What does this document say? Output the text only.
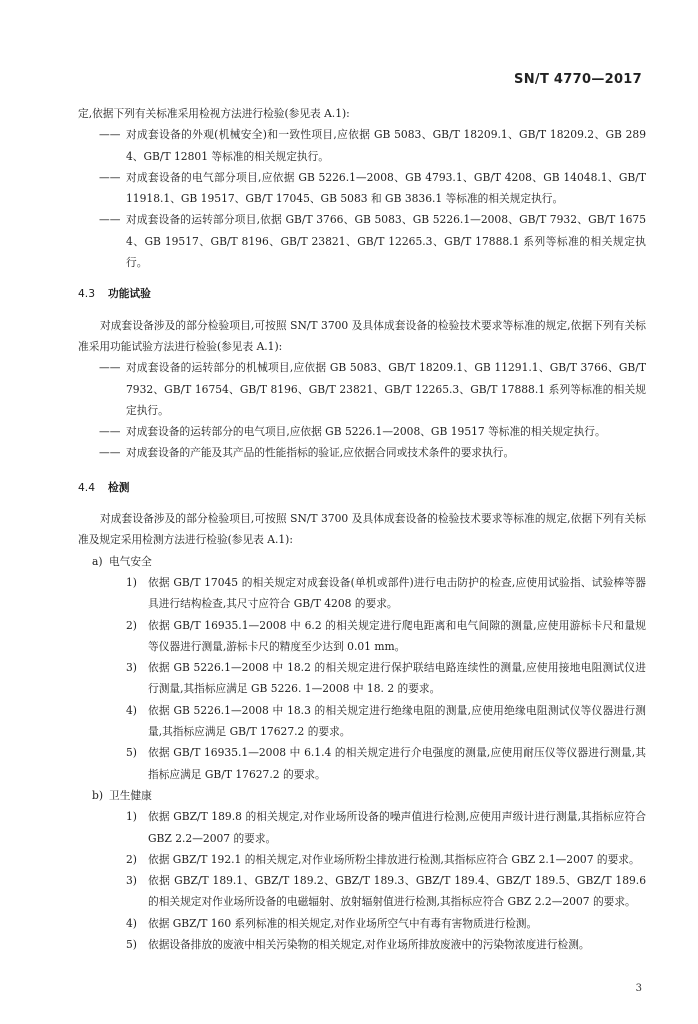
SN/T 4770—2017

定,依据下列有关标准采用检视方法进行检验(参见表 A.1):

—— 对成套设备的外观(机械安全)和一致性项目,应依据 GB 5083、GB/T 18209.1、GB/T 18209.2、GB 2894、GB/T 12801 等标准的相关规定执行。
—— 对成套设备的电气部分项目,应依据 GB 5226.1—2008、GB 4793.1、GB/T 4208、GB 14048.1、GB/T 11918.1、GB 19517、GB/T 17045、GB 5083 和 GB 3836.1 等标准的相关规定执行。
—— 对成套设备的运转部分项目,依据 GB/T 3766、GB 5083、GB 5226.1—2008、GB/T 7932、GB/T 16754、GB 19517、GB/T 8196、GB/T 23821、GB/T 12265.3、GB/T 17888.1 系列等标准的相关规定执行。
4.3 功能试验

对成套设备涉及的部分检验项目,可按照 SN/T 3700 及具体成套设备的检验技术要求等标准的规定,依据下列有关标准采用功能试验方法进行检验(参见表 A.1):

—— 对成套设备的运转部分的机械项目,应依据 GB 5083、GB/T 18209.1、GB 11291.1、GB/T 3766、GB/T 7932、GB/T 16754、GB/T 8196、GB/T 23821、GB/T 12265.3、GB/T 17888.1 系列等标准的相关规定执行。
—— 对成套设备的运转部分的电气项目,应依据 GB 5226.1—2008、GB 19517 等标准的相关规定执行。
—— 对成套设备的产能及其产品的性能指标的验证,应依据合同或技术条件的要求执行。
4.4 检测

对成套设备涉及的部分检验项目,可按照 SN/T 3700 及具体成套设备的检验技术要求等标准的规定,依据下列有关标准及规定采用检测方法进行检验(参见表 A.1):

a) 电气安全
1) 依据 GB/T 17045 的相关规定对成套设备(单机或部件)进行电击防护的检查,应使用试验指、试验棒等器具进行结构检查,其尺寸应符合 GB/T 4208 的要求。
2) 依据 GB/T 16935.1—2008 中 6.2 的相关规定进行爬电距离和电气间隙的测量,应使用游标卡尺和量规等仪器进行测量,游标卡尺的精度至少达到 0.01 mm。
3) 依据 GB 5226.1—2008 中 18.2 的相关规定进行保护联结电路连续性的测量,应使用接地电阻测试仪进行测量,其指标应满足 GB 5226. 1—2008 中 18. 2 的要求。
4) 依据 GB 5226.1—2008 中 18.3 的相关规定进行绝缘电阻的测量,应使用绝缘电阻测试仪等仪器进行测量,其指标应满足 GB/T 17627.2 的要求。
5) 依据 GB/T 16935.1—2008 中 6.1.4 的相关规定进行介电强度的测量,应使用耐压仪等仪器进行测量,其指标应满足 GB/T 17627.2 的要求。
b) 卫生健康
1) 依据 GBZ/T 189.8 的相关规定,对作业场所设备的噪声值进行检测,应使用声级计进行测量,其指标应符合 GBZ 2.2—2007 的要求。
2) 依据 GBZ/T 192.1 的相关规定,对作业场所粉尘排放进行检测,其指标应符合 GBZ 2.1—2007 的要求。
3) 依据 GBZ/T 189.1、GBZ/T 189.2、GBZ/T 189.3、GBZ/T 189.4、GBZ/T 189.5、GBZ/T 189.6 的相关规定对作业场所设备的电磁辐射、放射辐射值进行检测,其指标应符合 GBZ 2.2—2007 的要求。
4) 依据 GBZ/T 160 系列标准的相关规定,对作业场所空气中有毒有害物质进行检测。
5) 依据设备排放的废液中相关污染物的相关规定,对作业场所排放废液中的污染物浓度进行检测。
3
